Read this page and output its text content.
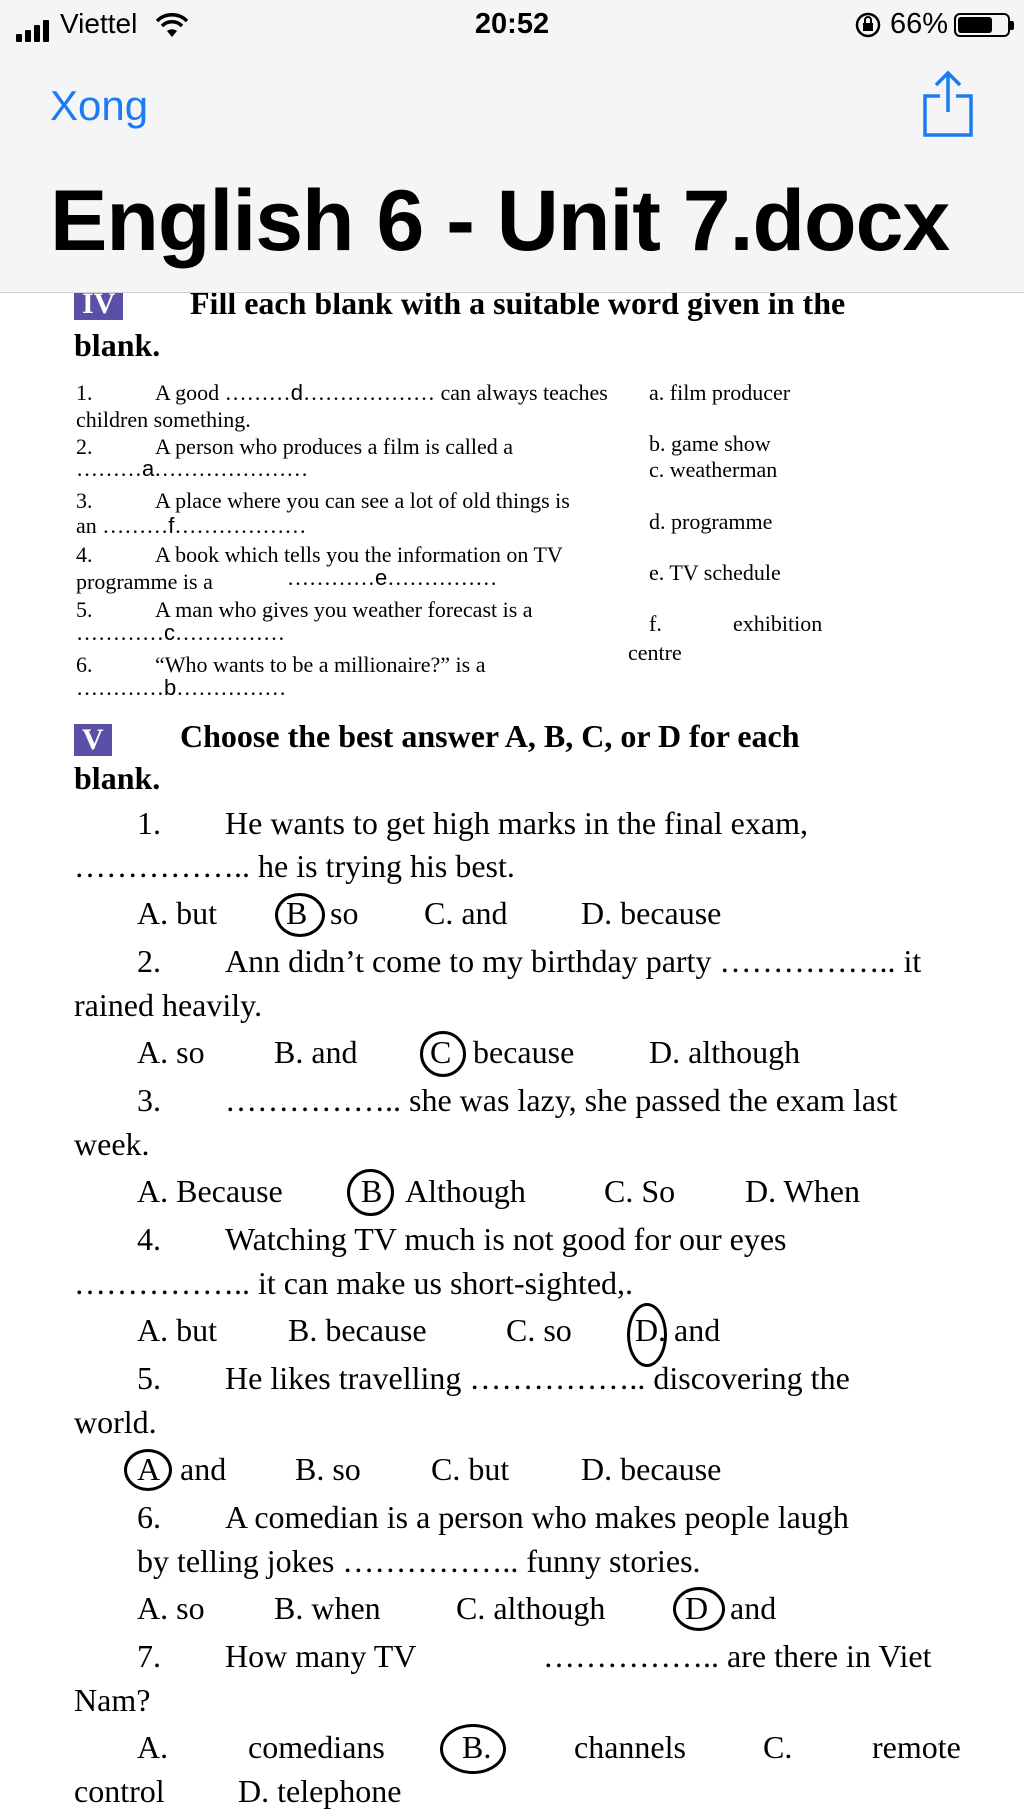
Viettel	20:52	66%
Xong
English 6 - Unit 7.docx
IV Fill each blank with a suitable word given in the
blank.
1.	A good ………d……………… can always teaches
children something.
2.	A person who produces a film is called a
………a…………………
3.	A place where you can see a lot of old things is
an ………f………………
4.	A book which tells you the information on TV
programme is a	…………e……………
5.	A man who gives you weather forecast is a
…………c……………
6.	“Who wants to be a millionaire?” is a
…………b……………
a. film producer
b. game show
c. weatherman
d. programme
e. TV schedule
f.	exhibition
centre
V Choose the best answer A, B, C, or D for each
blank.
1. He wants to get high marks in the final exam,
…………….. he is trying his best.
A. but B so C. and D. because
2. Ann didn’t come to my birthday party …………….. it
rained heavily.
A. so B. and C because D. although
3. …………….. she was lazy, she passed the exam last
week.
A. Because B Although C. So D. When
4. Watching TV much is not good for our eyes
…………….. it can make us short-sighted,.
A. but B. because C. so D . and
5. He likes travelling …………….. discovering the
world.
A and B. so C. but D. because
6. A comedian is a person who makes people laugh
by telling jokes …………….. funny stories.
A. so B. when C. although D and
7. How many TV	…………….. are there in Viet
Nam?
A. comedians B.	channels C. remote
control D. telephone
